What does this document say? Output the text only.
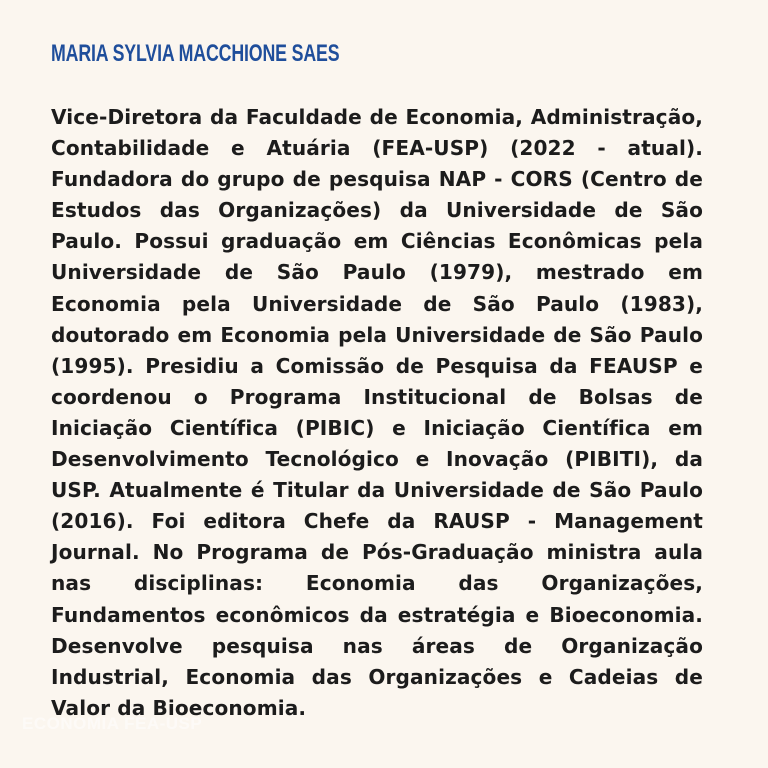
MARIA SYLVIA MACCHIONE SAES

Vice-Diretora da Faculdade de Economia, Administração, Contabilidade e Atuária (FEA-USP) (2022 - atual). Fundadora do grupo de pesquisa NAP - CORS (Centro de Estudos das Organizações) da Universidade de São Paulo. Possui graduação em Ciências Econômicas pela Universidade de São Paulo (1979), mestrado em Economia pela Universidade de São Paulo (1983), doutorado em Economia pela Universidade de São Paulo (1995). Presidiu a Comissão de Pesquisa da FEAUSP e coordenou o Programa Institucional de Bolsas de Iniciação Científica (PIBIC) e Iniciação Científica em Desenvolvimento Tecnológico e Inovação (PIBITI), da USP. Atualmente é Titular da Universidade de São Paulo (2016). Foi editora Chefe da RAUSP - Management Journal. No Programa de Pós-Graduação ministra aula nas disciplinas: Economia das Organizações, Fundamentos econômicos da estratégia e Bioeconomia. Desenvolve pesquisa nas áreas de Organização Industrial, Economia das Organizações e Cadeias de Valor da Bioeconomia.

ECONOMIA FEA-USP
